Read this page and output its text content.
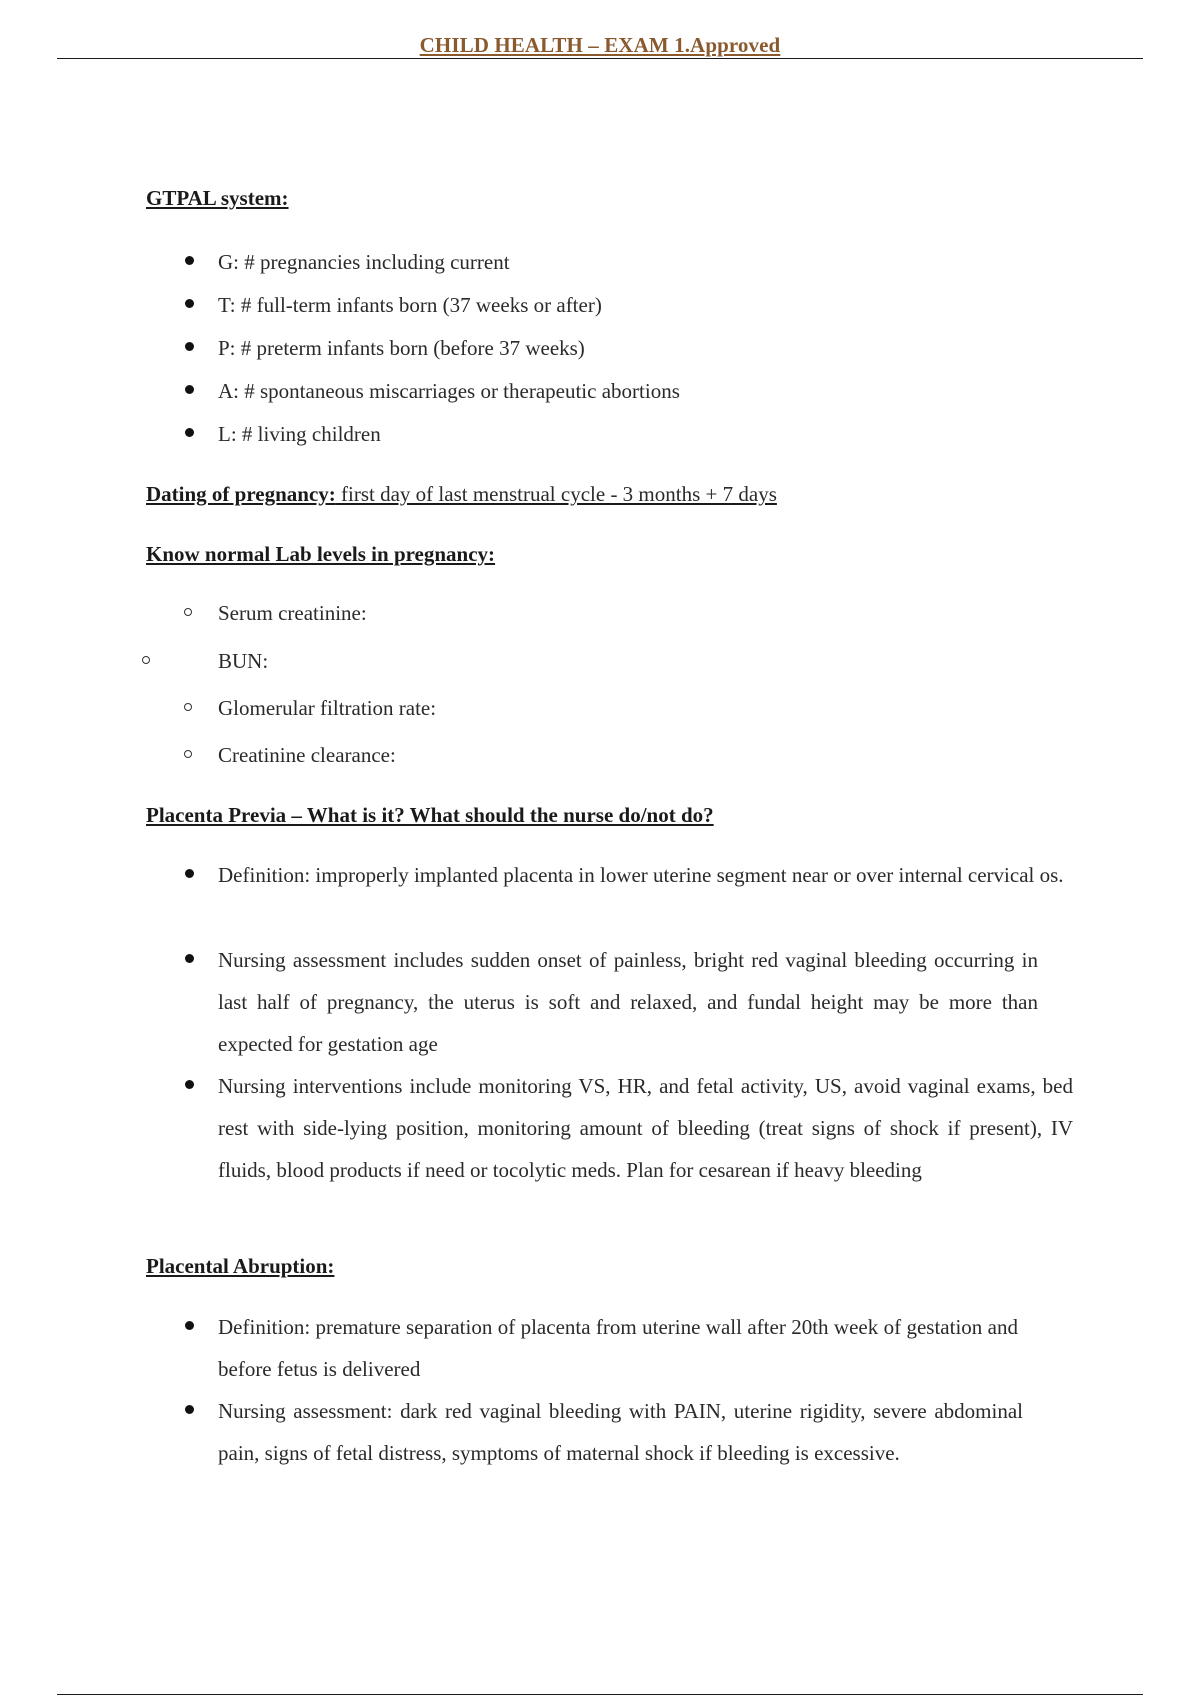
CHILD HEALTH – EXAM 1.Approved
GTPAL system:
G: # pregnancies including current
T: # full-term infants born (37 weeks or after)
P: # preterm infants born (before 37 weeks)
A: # spontaneous miscarriages or therapeutic abortions
L: # living children
Dating of pregnancy: first day of last menstrual cycle - 3 months + 7 days
Know normal Lab levels in pregnancy:
Serum creatinine:
BUN:
Glomerular filtration rate:
Creatinine clearance:
Placenta Previa – What is it? What should the nurse do/not do?
Definition: improperly implanted placenta in lower uterine segment near or over internal cervical os.
Nursing assessment includes sudden onset of painless, bright red vaginal bleeding occurring in last half of pregnancy, the uterus is soft and relaxed, and fundal height may be more than expected for gestation age
Nursing interventions include monitoring VS, HR, and fetal activity, US, avoid vaginal exams, bed rest with side-lying position, monitoring amount of bleeding (treat signs of shock if present), IV fluids, blood products if need or tocolytic meds. Plan for cesarean if heavy bleeding
Placental Abruption:
Definition: premature separation of placenta from uterine wall after 20th week of gestation and before fetus is delivered
Nursing assessment: dark red vaginal bleeding with PAIN, uterine rigidity, severe abdominal pain, signs of fetal distress, symptoms of maternal shock if bleeding is excessive.
